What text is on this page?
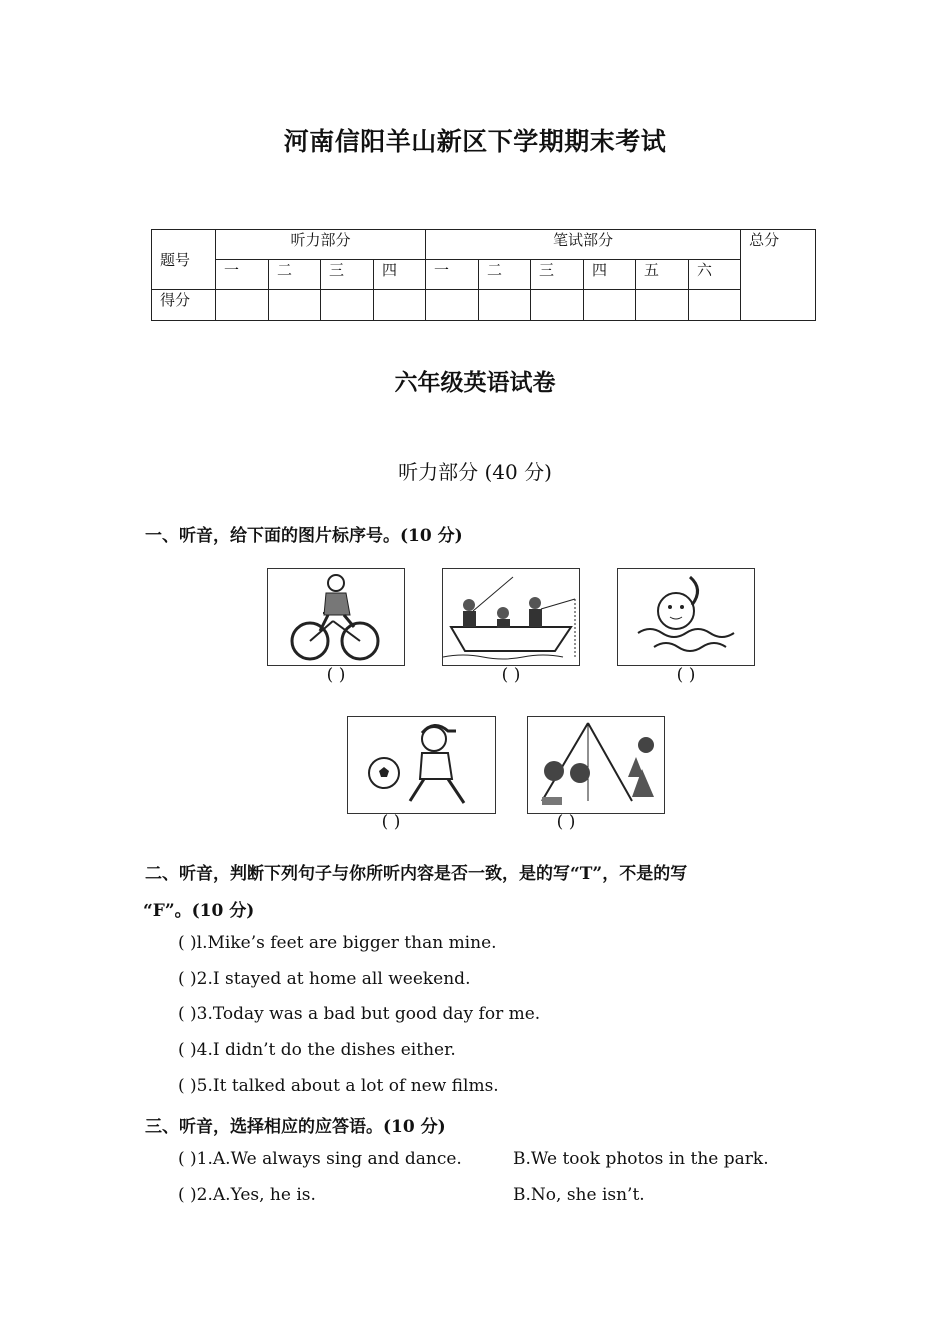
河南信阳羊山新区下学期期末考试
题号	听力部分				笔试部分						总分
	一	二	三	四	一	二	三	四	五	六	
得分											
六年级英语试卷
听力部分 (40 分)
一、听音，给下面的图片标序号。(10 分)
( )	( )	( )
( )	( )
二、听音，判断下列句子与你所听内容是否一致，是的写“T”，不是的写
“F”。(10 分)
( )l.Mike’s feet are bigger than mine.
( )2.I stayed at home all weekend.
( )3.Today was a bad but good day for me.
( )4.I didn’t do the dishes either.
( )5.It talked about a lot of new films.
三、听音，选择相应的应答语。(10 分)
( )1.A.We always sing and dance.	B.We took photos in the park.
( )2.A.Yes, he is.	B.No, she isn’t.
